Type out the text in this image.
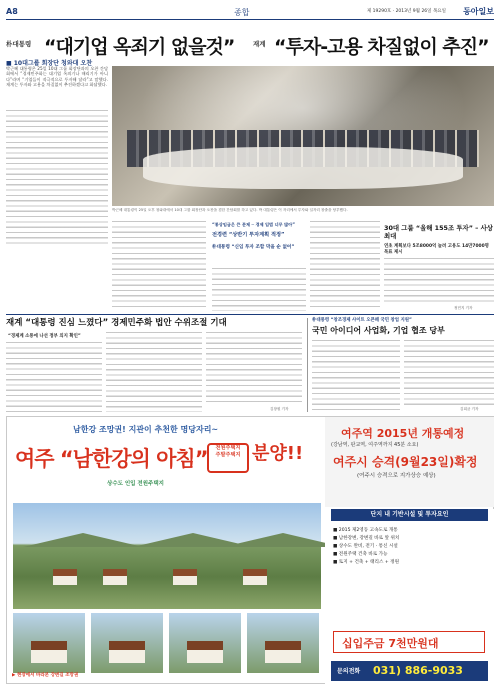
A8	종합	제 19290호 · 2013년 9월 26일 목요일 동아일보
朴대통령 “대기업 옥죄기 없을것”	재계 “투자-고용 차질없이 추진”
■ 10대그룹 회장단 청와대 오찬

박근혜 대통령은 25일 10대 그룹 회장단과의 오찬 간담회에서 “경제민주화는 대기업 옥죄기나 때리기가 아니다”라며 “기업들이 적극적으로 투자해 달라”고 말했다. 재계는 투자와 고용을 차질없이 추진하겠다고 화답했다.

박근혜 대통령이 25일 오후 청와대에서 10대 그룹 회장단과 오찬을 겸한 간담회를 하고 있다. 박 대통령은 이 자리에서 투자와 일자리 창출을 당부했다.
“통상임금은 큰 문제 ─ 경제 입법 너무 많아”
전경련 “상반기 투자계획 적정”
朴대통령 “신임 투자 조합 막을 순 없어”
30대 그룹 “올해 155조 투자” – 사상 최대
연초 계획보다 5조8000억 늘려 고용도 14만7000명 목표 제시
정민지 기자
재계 “대통령 진심 느꼈다” 경제민주화 법안 수위조절 기대
“경제계 소통에 나선 정부 의지 확인”
김창원 기자
朴대통령 “창조경제 사이트 오픈해 국민 창업 지원”
국민 아이디어 사업화, 기업 협조 당부
김희균 기자
남한강 조망권! 지관이 추천한 명당자리~
여주 “남한강의 아침”	전원주택지
주말주택지 분양!!
상수도 인입 전원주택지
여주역 2015년 개통예정
(강남역, 판교역, 여주역까지 45분 소요)
여주시 승격(9월23일)확정
(여주시 승격으로 지가상승 예상)
단지 내 기반시설 및 투자요인
■ 2015 제2영동 고속도로 개통
■ 남한강변, 강변길 바로 앞 위치
■ 상수도 완비, 전기 · 통신 시설
■ 전원주택 건축 바로 가능
■ 토지 + 건축 + 태리스 + 정원
십입주금 7천만원대
문의전화 031) 886-9033
▶ 현장에서 바라본 강변길 조망권
